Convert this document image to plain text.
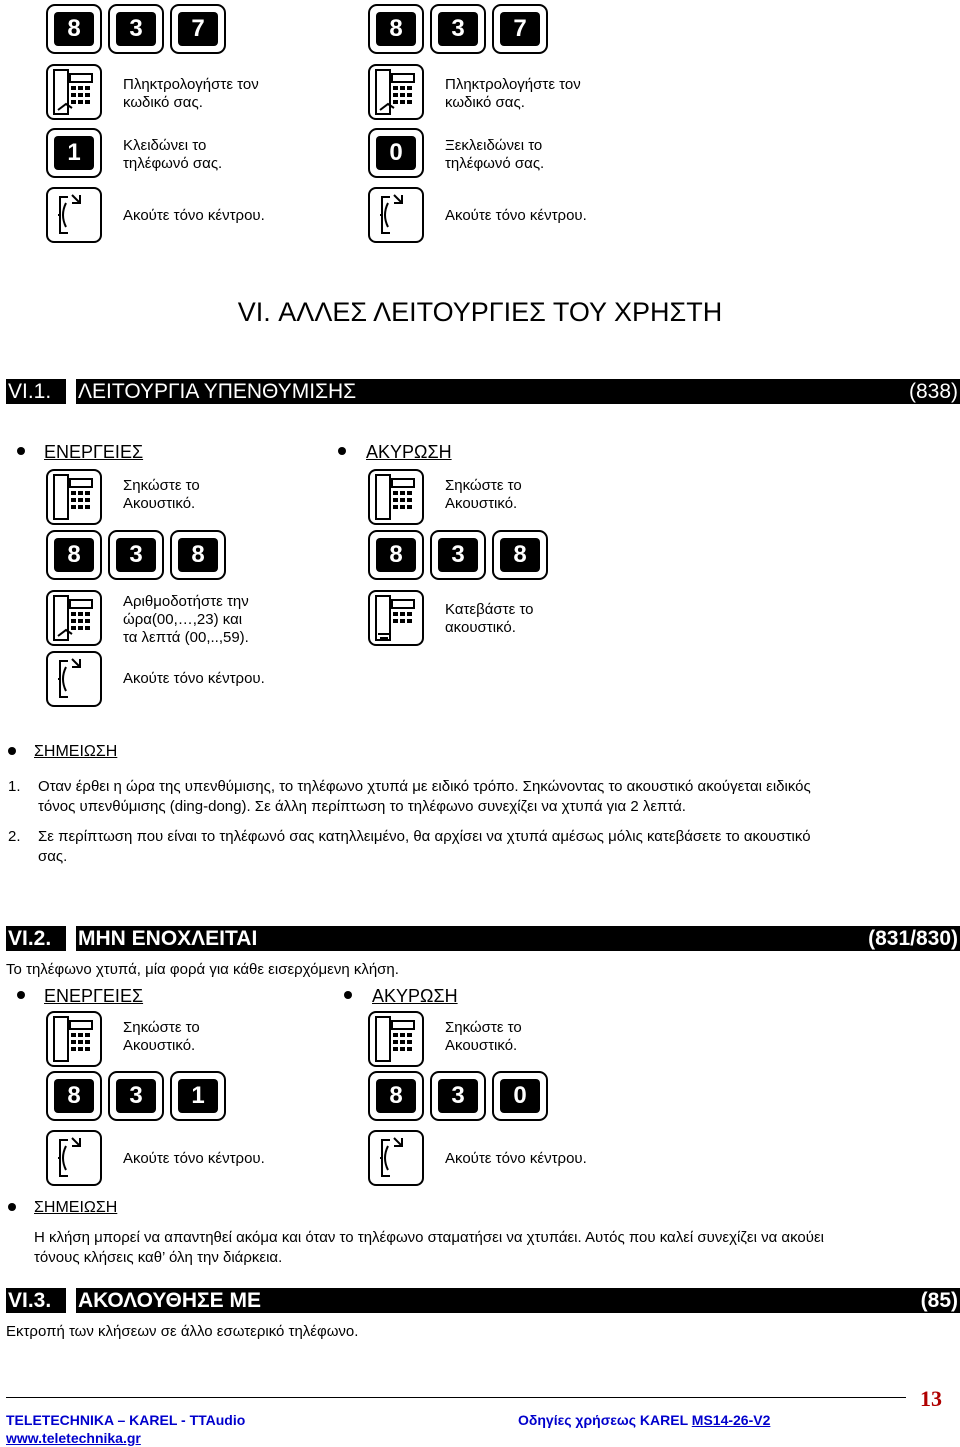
8	3	7	8	3	7
Πληκτρολογήστε τον
κωδικό σας.
Πληκτρολογήστε τον
κωδικό σας.
1	Κλειδώνει το
τηλέφωνό σας.	0	Ξεκλειδώνει το
τηλέφωνό σας.
Ακούτε τόνο κέντρου.	Ακούτε τόνο κέντρου.
VI. ΑΛΛΕΣ ΛΕΙΤΟΥΡΓΙΕΣ ΤΟΥ ΧΡΗΣΤΗ
VI.1.	ΛΕΙΤΟΥΡΓΙΑ ΥΠΕΝΘΥΜΙΣΗΣ	(838)
ΕΝΕΡΓΕΙΕΣ	ΑΚΥΡΩΣΗ
Σηκώστε το
Ακουστικό.
Σηκώστε το
Ακουστικό.
8	3	8	8	3	8
Αριθμοδοτήστε την
ώρα(00,…,23) και
τα λεπτά (00,..,59).
Κατεβάστε το
ακουστικό.
Ακούτε τόνο κέντρου.
ΣΗΜΕΙΩΣΗ
1. Οταν έρθει η ώρα της υπενθύμισης, το τηλέφωνο χτυπά με ειδικό τρόπο. Σηκώνοντας το ακουστικό ακούγεται ειδικός
τόνος υπενθύμισης (ding-dong). Σε άλλη περίπτωση το τηλέφωνο συνεχίζει να χτυπά για 2 λεπτά.
2. Σε περίπτωση που είναι το τηλέφωνό σας κατηλλειμένο, θα αρχίσει να χτυπά αμέσως μόλις κατεβάσετε το ακουστικό
σας.
VI.2.	ΜΗΝ ΕΝΟΧΛΕΙΤΑΙ	(831/830)
Το τηλέφωνο χτυπά, μία φορά για κάθε εισερχόμενη κλήση.
ΕΝΕΡΓΕΙΕΣ	ΑΚΥΡΩΣΗ
Σηκώστε το
Ακουστικό.
Σηκώστε το
Ακουστικό.
8	3	1	8	3	0
Ακούτε τόνο κέντρου.	Ακούτε τόνο κέντρου.
ΣΗΜΕΙΩΣΗ
Η κλήση μπορεί να απαντηθεί ακόμα και όταν το τηλέφωνο σταματήσει να χτυπάει. Αυτός που καλεί συνεχίζει να ακούει
τόνους κλήσεις καθ’ όλη την διάρκεια.
VI.3.	ΑΚΟΛΟΥΘΗΣΕ ΜΕ	(85)
Εκτροπή των κλήσεων σε άλλο εσωτερικό τηλέφωνο.
13
TELETECHNIKA – KAREL - TTAudio	Οδηγίες χρήσεως KAREL MS14-26-V2
www.teletechnika.gr
